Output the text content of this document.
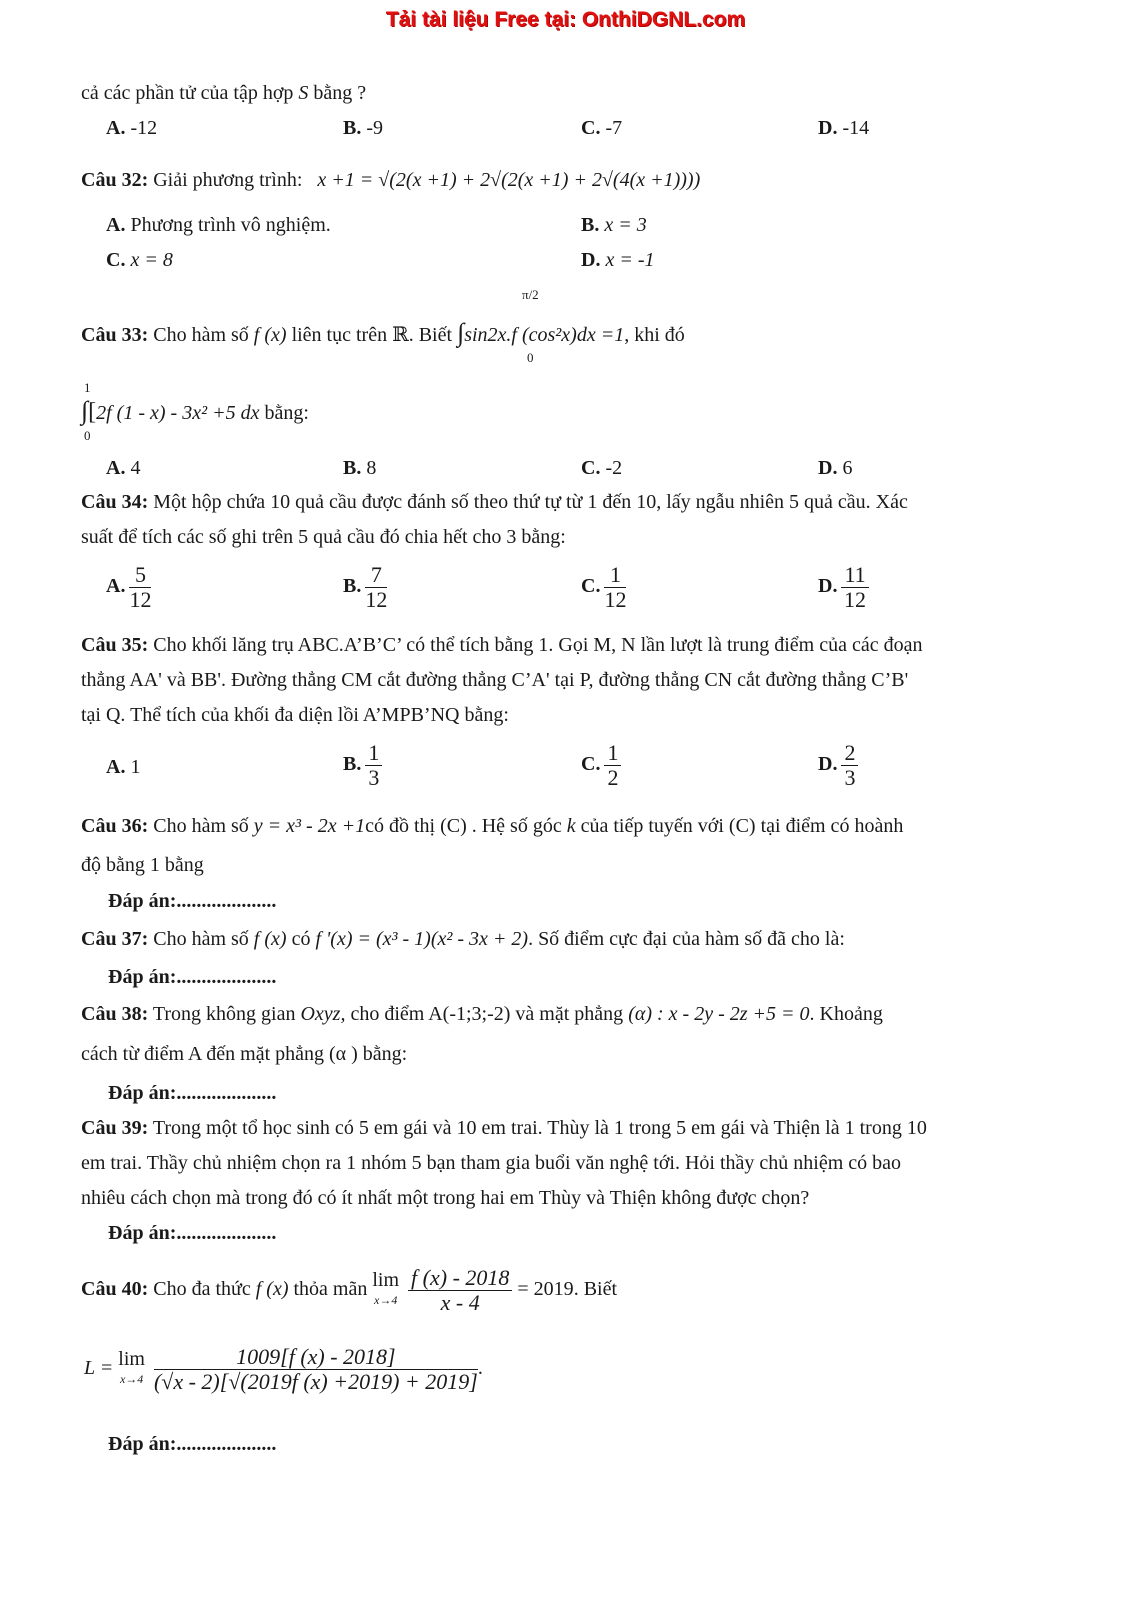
Tải tài liệu Free tại: OnthiDGNL.com
cả các phần tử của tập hợp S bằng ?
A. -12	B. -9	C. -7	D. -14
Câu 32: Giải phương trình: x +1 = √(2(x +1) + 2√(2(x +1) + 2√(4(x +1))))
A. Phương trình vô nghiệm.	B. x = 3
C. x = 8	D. x = -1
π/2
0
Câu 33: Cho hàm số f (x) liên tục trên ℝ. Biết ∫sin2x.f (cos²x)dx =1, khi đó
1
0
∫[2f (1 - x) - 3x² +5 dx bằng:
A. 4	B. 8	C. -2	D. 6
Câu 34: Một hộp chứa 10 quả cầu được đánh số theo thứ tự từ 1 đến 10, lấy ngẫu nhiên 5 quả cầu. Xác
suất để tích các số ghi trên 5 quả cầu đó chia hết cho 3 bằng:
A. $\frac{5}{12}$	B. $\frac{7}{12}$	C. $\frac{1}{12}$	D. $\frac{11}{12}$
Câu 35: Cho khối lăng trụ ABC.A’B’C’ có thể tích bằng 1. Gọi M, N lần lượt là trung điểm của các đoạn
thẳng AA' và BB'. Đường thẳng CM cắt đường thẳng C’A' tại P, đường thẳng CN cắt đường thẳng C’B'
tại Q. Thể tích của khối đa diện lồi A’MPB’NQ bằng:
A. 1	B. $\frac{1}{3}$	C. $\frac{1}{2}$	D. $\frac{2}{3}$
Câu 36: Cho hàm số y = x³ - 2x +1có đồ thị (C) . Hệ số góc k của tiếp tuyến với (C) tại điểm có hoành
độ bằng 1 bằng
Đáp án:....................
Câu 37: Cho hàm số f (x) có f '(x) = (x³ - 1)(x² - 3x + 2). Số điểm cực đại của hàm số đã cho là:
Đáp án:....................
Câu 38: Trong không gian Oxyz, cho điểm A(-1;3;-2) và mặt phẳng (α) : x - 2y - 2z +5 = 0. Khoảng
cách từ điểm A đến mặt phẳng (α ) bằng:
Đáp án:....................
Câu 39: Trong một tổ học sinh có 5 em gái và 10 em trai. Thùy là 1 trong 5 em gái và Thiện là 1 trong 10
em trai. Thầy chủ nhiệm chọn ra 1 nhóm 5 bạn tham gia buổi văn nghệ tới. Hỏi thầy chủ nhiệm có bao
nhiêu cách chọn mà trong đó có ít nhất một trong hai em Thùy và Thiện không được chọn?
Đáp án:....................
Câu 40: Cho đa thức f (x) thỏa mãn lim
x→4
$\frac{f (x) - 2018}{x - 4} = 2019$. Biết
L = lim
x→4
$\frac{1009[f (x) - 2018]}{(√x - 2)[√(2019f (x) +2019) + 2019]}$ .
Đáp án:....................
